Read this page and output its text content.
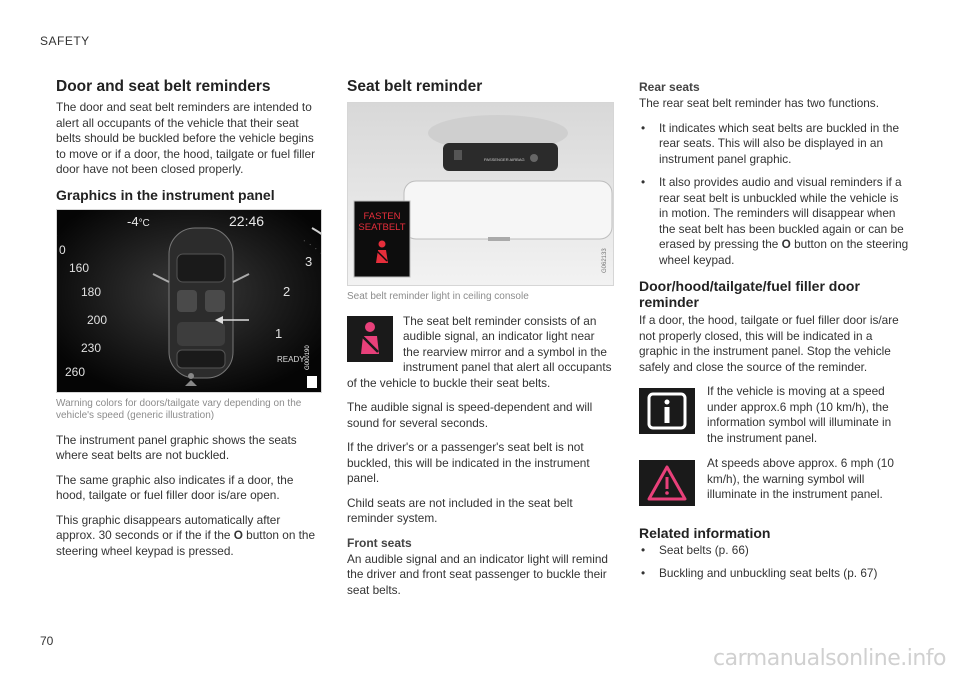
SAFETY
Door and seat belt reminders

The door and seat belt reminders are intended to alert all occupants of the vehicle that their seat belts should be buckled before the vehicle begins to move or if a door, the hood, tailgate or fuel filler door have not been closed properly.

Graphics in the instrument panel
-4°C	22:46
0
160
180
200
230
260
3
2
1
READY G000190
Warning colors for doors/tailgate vary depending on the vehicle's speed (generic illustration)

The instrument panel graphic shows the seats where seat belts are not buckled.

The same graphic also indicates if a door, the hood, tailgate or fuel filler door is/are open.

This graphic disappears automatically after approx. 30 seconds or if the if the O button on the steering wheel keypad is pressed.

Seat belt reminder
PASSENGER AIRBAG
FASTEN
SEATBELT
G062133
Seat belt reminder light in ceiling console

The seat belt reminder consists of an audible signal, an indicator light near the rearview mirror and a symbol in the instrument panel that alert all occupants of the vehicle to buckle their seat belts.

The audible signal is speed-dependent and will sound for several seconds.

If the driver's or a passenger's seat belt is not buckled, this will be indicated in the instrument panel.

Child seats are not included in the seat belt reminder system.

Front seats

An audible signal and an indicator light will remind the driver and front seat passenger to buckle their seat belts.

Rear seats

The rear seat belt reminder has two functions.

• It indicates which seat belts are buckled in the rear seats. This will also be displayed in an instrument panel graphic.
• It also provides audio and visual reminders if a rear seat belt is unbuckled while the vehicle is in motion. The reminders will disappear when the seat belt has been buckled again or can be erased by pressing the O button on the steering wheel keypad.
Door/hood/tailgate/fuel filler door reminder

If a door, the hood, tailgate or fuel filler door is/are not properly closed, this will be indicated in a graphic in the instrument panel. Stop the vehicle safely and close the source of the reminder.

If the vehicle is moving at a speed under approx.6 mph (10 km/h), the information symbol will illuminate in the instrument panel.
At speeds above approx. 6 mph (10 km/h), the warning symbol will illuminate in the instrument panel.
Related information
• Seat belts (p. 66)
• Buckling and unbuckling seat belts (p. 67)
70
carmanualsonline.info
